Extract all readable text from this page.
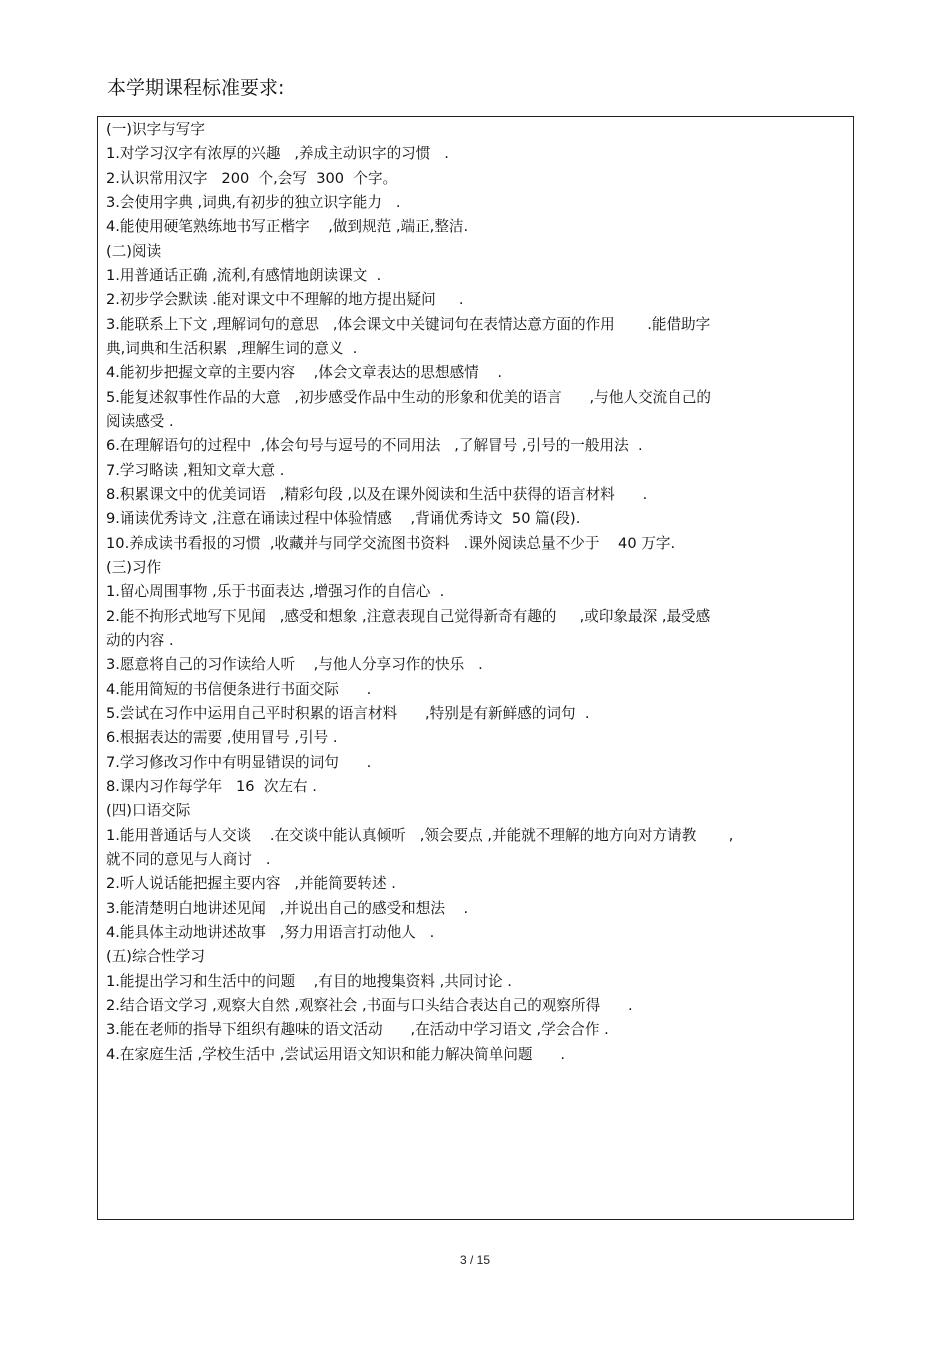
本学期课程标准要求:
(一)识字与写字
1.对学习汉字有浓厚的兴趣   ,养成主动识字的习惯   .
2.认识常用汉字   200  个,会写  300  个字。
3.会使用字典 ,词典,有初步的独立识字能力   .
4.能使用硬笔熟练地书写正楷字    ,做到规范 ,端正,整洁.
(二)阅读
1.用普通话正确 ,流利,有感情地朗读课文  .
2.初步学会默读 .能对课文中不理解的地方提出疑问     .
3.能联系上下文 ,理解词句的意思   ,体会课文中关键词句在表情达意方面的作用       .能借助字
典,词典和生活积累  ,理解生词的意义  .
4.能初步把握文章的主要内容    ,体会文章表达的思想感情    .
5.能复述叙事性作品的大意   ,初步感受作品中生动的形象和优美的语言      ,与他人交流自己的
阅读感受 .
6.在理解语句的过程中  ,体会句号与逗号的不同用法   ,了解冒号 ,引号的一般用法  .
7.学习略读 ,粗知文章大意 .
8.积累课文中的优美词语   ,精彩句段 ,以及在课外阅读和生活中获得的语言材料      .
9.诵读优秀诗文 ,注意在诵读过程中体验情感    ,背诵优秀诗文  50 篇(段).
10.养成读书看报的习惯  ,收藏并与同学交流图书资料   .课外阅读总量不少于    40 万字.
(三)习作
1.留心周围事物 ,乐于书面表达 ,增强习作的自信心  .
2.能不拘形式地写下见闻   ,感受和想象 ,注意表现自己觉得新奇有趣的     ,或印象最深 ,最受感
动的内容 .
3.愿意将自己的习作读给人听    ,与他人分享习作的快乐   .
4.能用简短的书信便条进行书面交际      .
5.尝试在习作中运用自己平时积累的语言材料      ,特别是有新鲜感的词句  .
6.根据表达的需要 ,使用冒号 ,引号 .
7.学习修改习作中有明显错误的词句      .
8.课内习作每学年   16  次左右 .
(四)口语交际
1.能用普通话与人交谈    .在交谈中能认真倾听   ,领会要点 ,并能就不理解的地方向对方请教       ,
就不同的意见与人商讨   .
2.听人说话能把握主要内容   ,并能简要转述 .
3.能清楚明白地讲述见闻   ,并说出自己的感受和想法    .
4.能具体主动地讲述故事   ,努力用语言打动他人   .
(五)综合性学习
1.能提出学习和生活中的问题    ,有目的地搜集资料 ,共同讨论 .
2.结合语文学习 ,观察大自然 ,观察社会 ,书面与口头结合表达自己的观察所得      .
3.能在老师的指导下组织有趣味的语文活动      ,在活动中学习语文 ,学会合作 .
4.在家庭生活 ,学校生活中 ,尝试运用语文知识和能力解决简单问题      .
3 / 15
